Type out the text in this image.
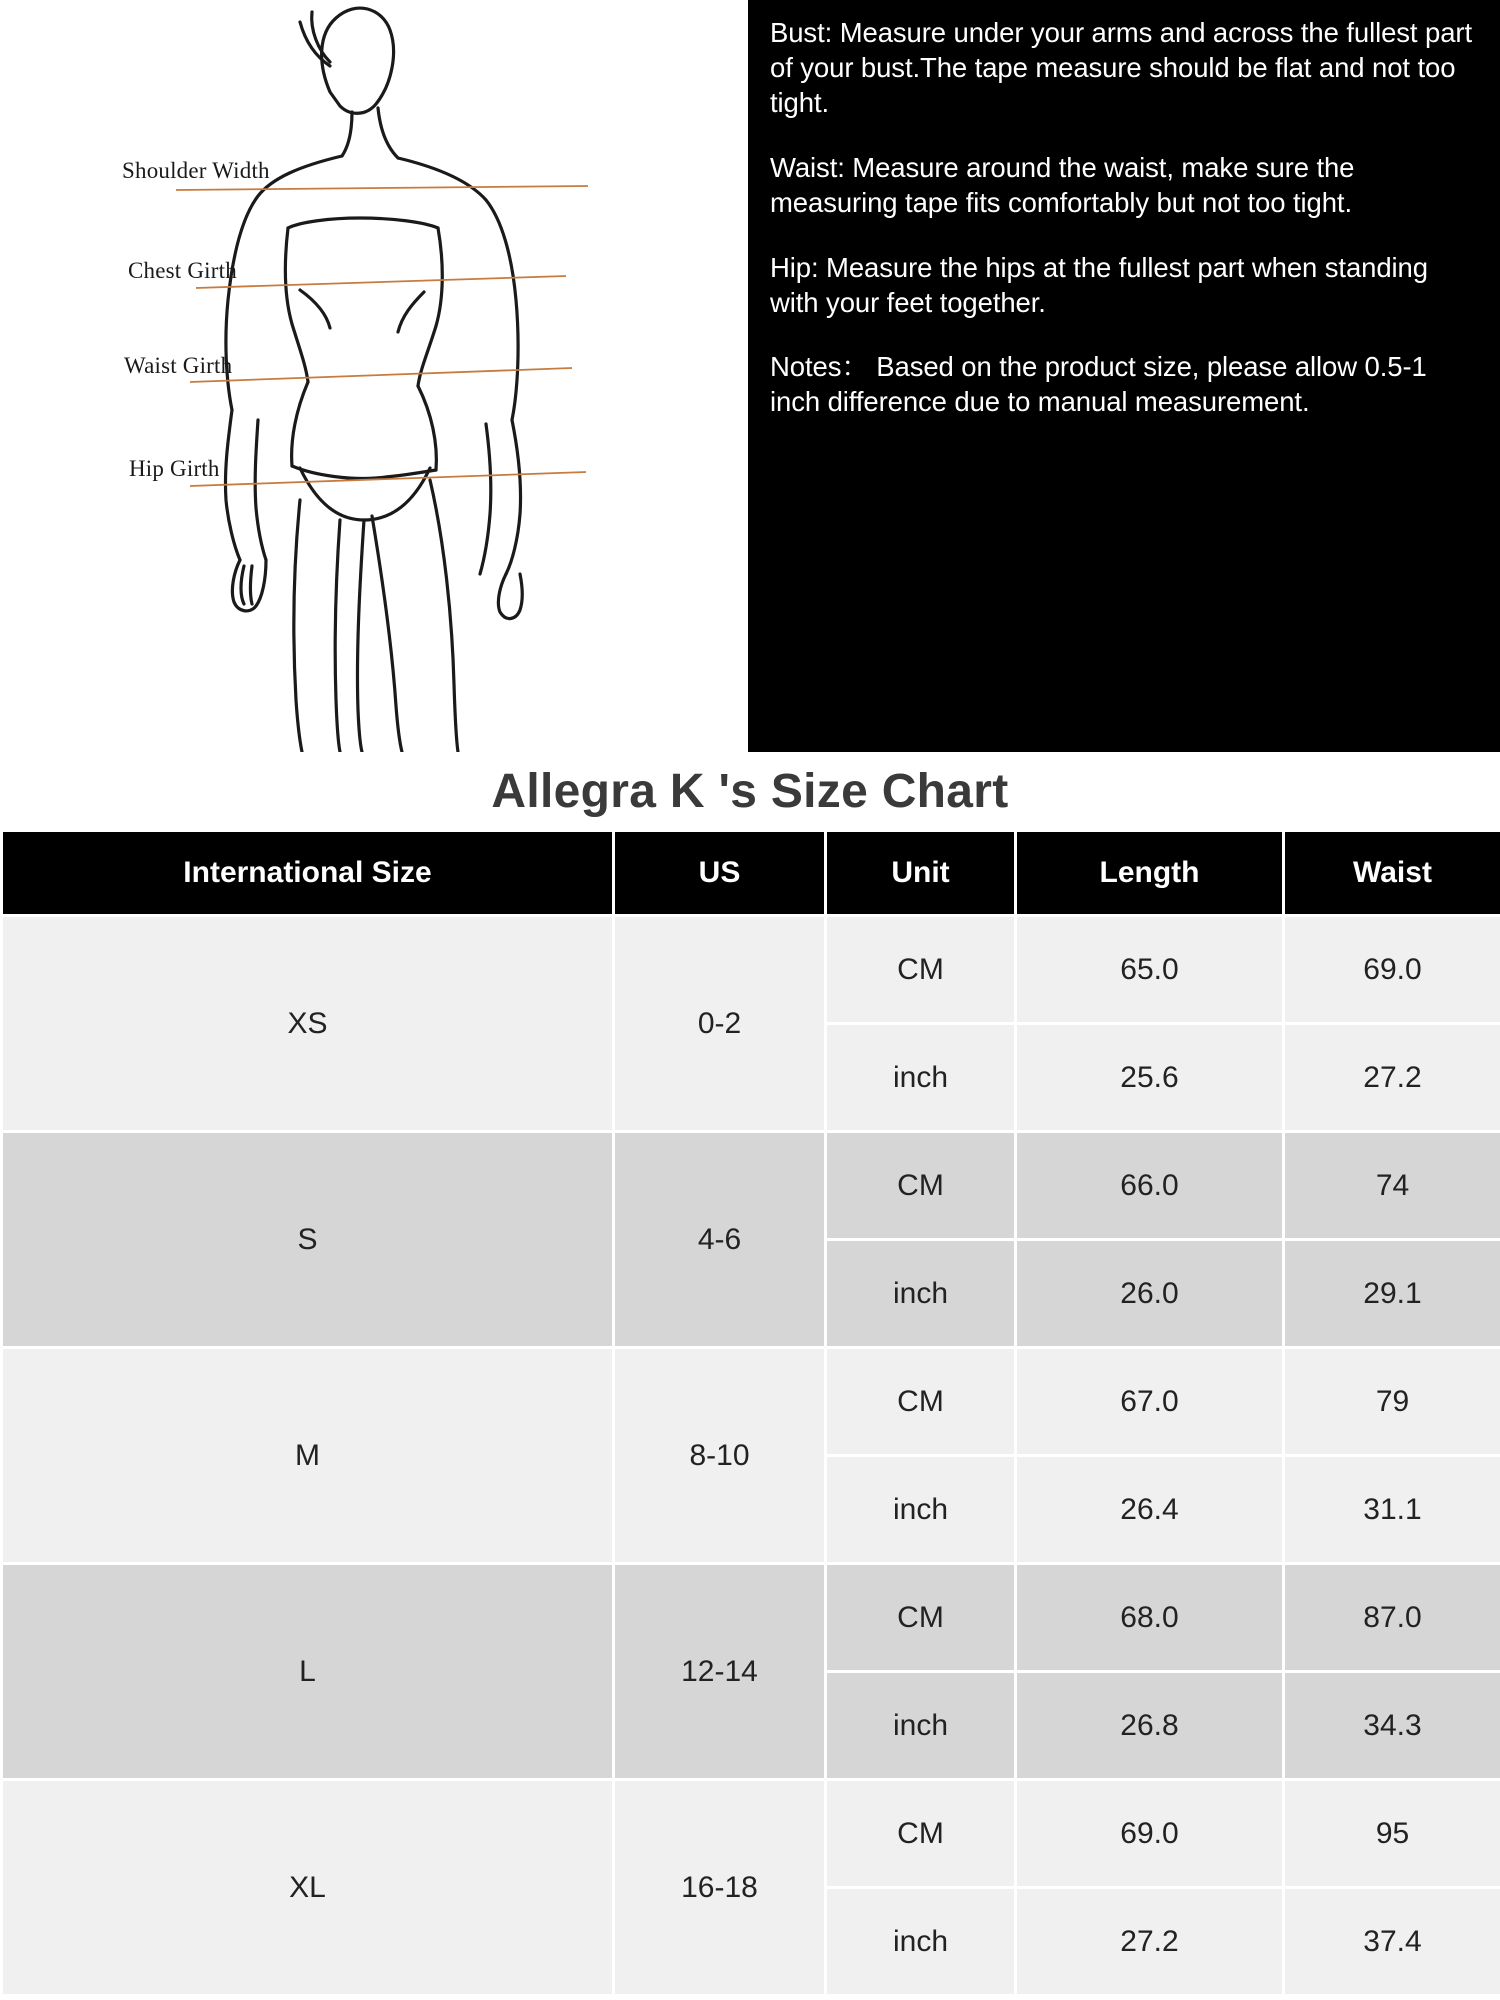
Shoulder Width
Chest Girth
Waist Girth
Hip Girth

Bust: Measure under your arms and across the fullest part of your bust.The tape measure should be flat and not too tight.

Waist: Measure around the waist, make sure the measuring tape fits comfortably but not too tight.

Hip: Measure the hips at the fullest part when standing with your feet together.

Notes： Based on the product size, please allow 0.5-1 inch difference due to manual measurement.

Allegra K 's Size Chart
International Size	US	Unit	Length	Waist
XS	0-2	CM	65.0	69.0
		inch	25.6	27.2
S	4-6	CM	66.0	74
		inch	26.0	29.1
M	8-10	CM	67.0	79
		inch	26.4	31.1
L	12-14	CM	68.0	87.0
		inch	26.8	34.3
XL	16-18	CM	69.0	95
		inch	27.2	37.4
